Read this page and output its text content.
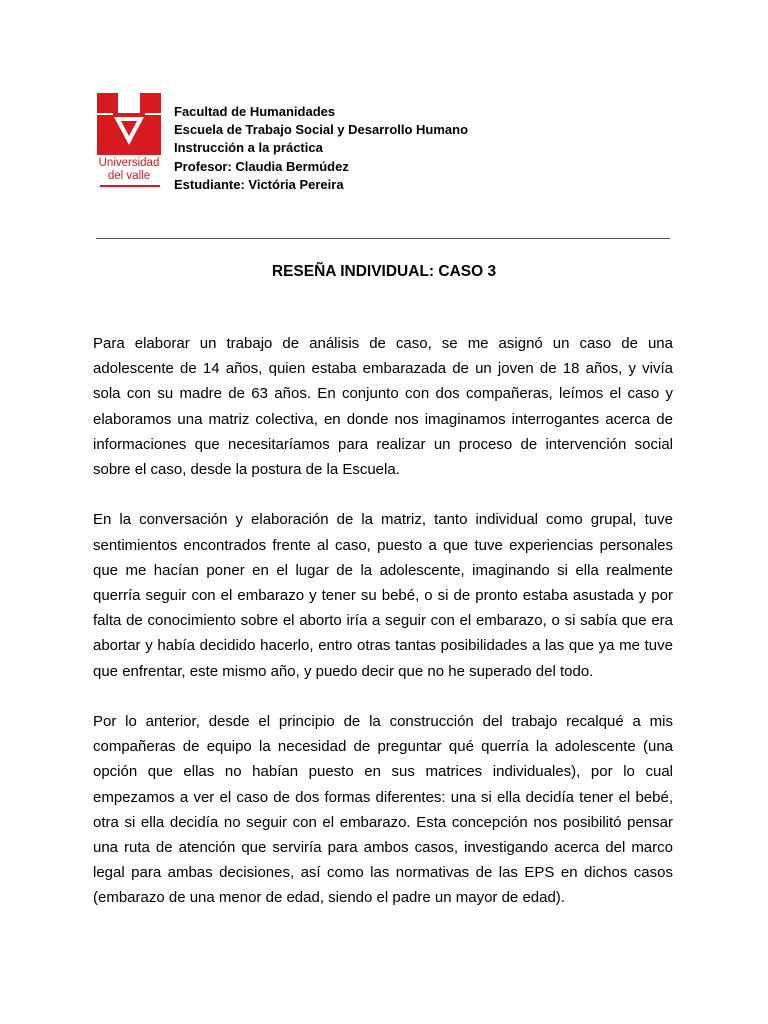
Universidad
del valle
Facultad de Humanidades
Escuela de Trabajo Social y Desarrollo Humano
Instrucción a la práctica
Profesor: Claudia Bermúdez
Estudiante: Victória Pereira
RESEÑA INDIVIDUAL: CASO 3

Para elaborar un trabajo de análisis de caso, se me asignó un caso de una adolescente de 14 años, quien estaba embarazada de un joven de 18 años, y vivía sola con su madre de 63 años. En conjunto con dos compañeras, leímos el caso y elaboramos una matriz colectiva, en donde nos imaginamos interrogantes acerca de informaciones que necesitaríamos para realizar un proceso de intervención social sobre el caso, desde la postura de la Escuela.

En la conversación y elaboración de la matriz, tanto individual como grupal, tuve sentimientos encontrados frente al caso, puesto a que tuve experiencias personales que me hacían poner en el lugar de la adolescente, imaginando si ella realmente querría seguir con el embarazo y tener su bebé, o si de pronto estaba asustada y por falta de conocimiento sobre el aborto iría a seguir con el embarazo, o si sabía que era abortar y había decidido hacerlo, entro otras tantas posibilidades a las que ya me tuve que enfrentar, este mismo año, y puedo decir que no he superado del todo.

Por lo anterior, desde el principio de la construcción del trabajo recalqué a mis compañeras de equipo la necesidad de preguntar qué querría la adolescente (una opción que ellas no habían puesto en sus matrices individuales), por lo cual empezamos a ver el caso de dos formas diferentes: una si ella decidía tener el bebé, otra si ella decidía no seguir con el embarazo. Esta concepción nos posibilitó pensar una ruta de atención que serviría para ambos casos, investigando acerca del marco legal para ambas decisiones, así como las normativas de las EPS en dichos casos (embarazo de una menor de edad, siendo el padre un mayor de edad).
